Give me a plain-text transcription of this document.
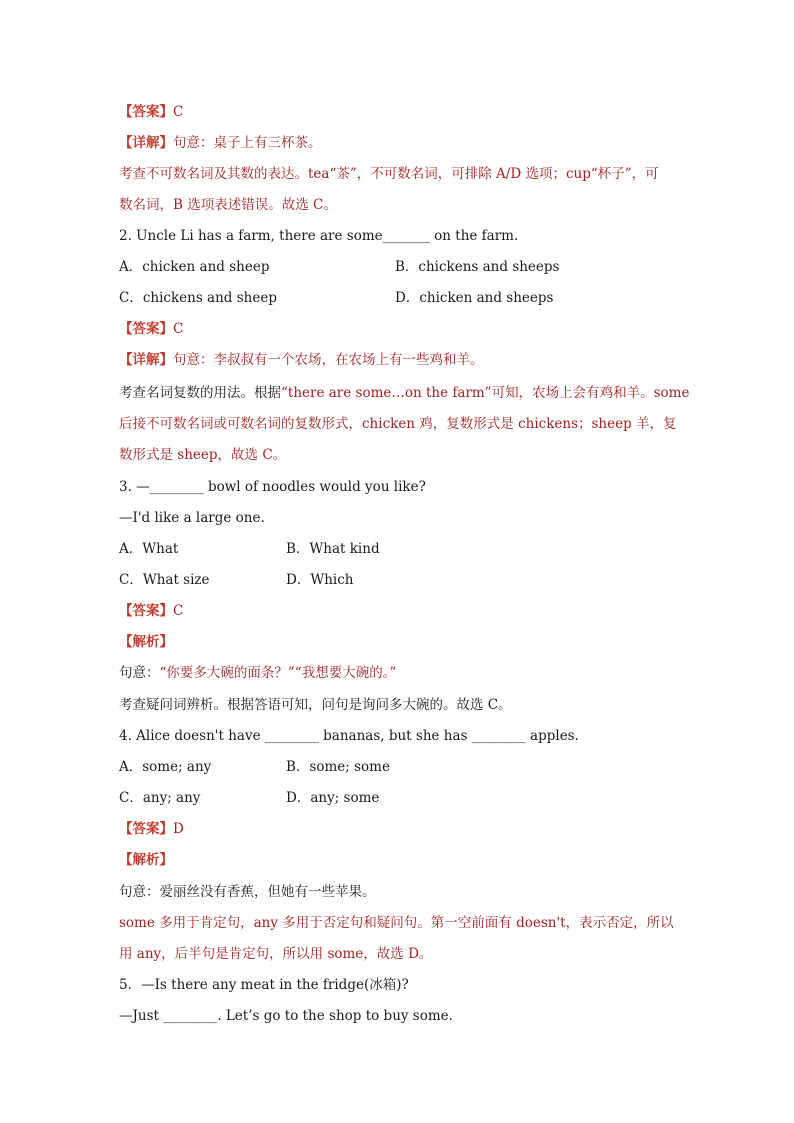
【答案】C
【详解】句意：桌子上有三杯茶。
考查不可数名词及其数的表达。tea“茶”，不可数名词，可排除 A/D 选项；cup“杯子”，可
数名词，B 选项表述错误。故选 C。
2. Uncle Li has a farm, there are some_______ on the farm.
A．chicken and sheep	B．chickens and sheeps
C．chickens and sheep	D．chicken and sheeps
【答案】C
【详解】句意：李叔叔有一个农场，在农场上有一些鸡和羊。
考查名词复数的用法。根据“there are some…on the farm”可知，农场上会有鸡和羊。some
后接不可数名词或可数名词的复数形式，chicken 鸡，复数形式是 chickens；sheep 羊，复
数形式是 sheep，故选 C。
3. —________ bowl of noodles would you like?
—I'd like a large one.
A．What	B．What kind
C．What size	D．Which
【答案】C
【解析】
句意：“你要多大碗的面条？”“我想要大碗的。”
考查疑问词辨析。根据答语可知，问句是询问多大碗的。故选 C。
4. Alice doesn't have ________ bananas, but she has ________ apples.
A．some; any	B．some; some
C．any; any	D．any; some
【答案】D
【解析】
句意：爱丽丝没有香蕉，但她有一些苹果。
some 多用于肯定句，any 多用于否定句和疑问句。第一空前面有 doesn't，表示否定，所以
用 any，后半句是肯定句，所以用 some，故选 D。
5．—Is there any meat in the fridge(冰箱)?
—Just ________. Let’s go to the shop to buy some.
